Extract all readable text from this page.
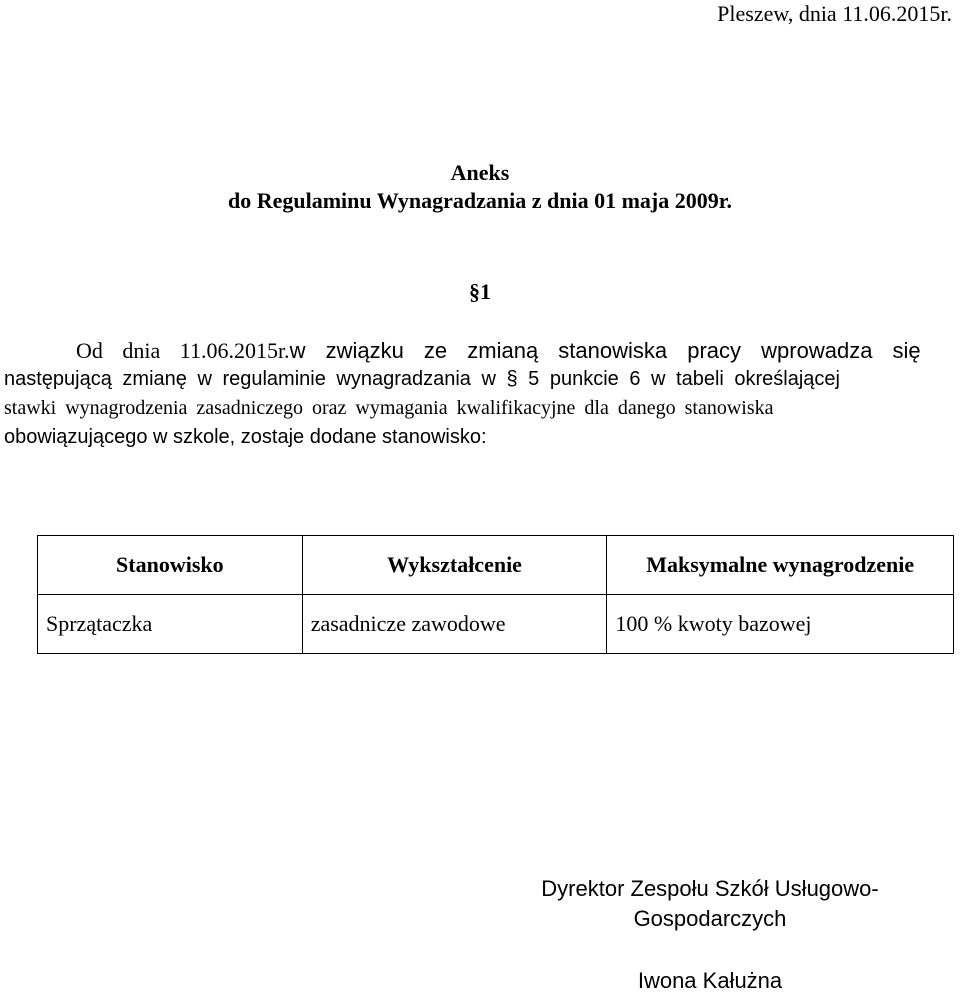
Pleszew, dnia 11.06.2015r.
Aneks
do Regulaminu Wynagradzania z dnia 01 maja 2009r.
§1
Od dnia 11.06.2015r.w związku ze zmianą stanowiska pracy wprowadza się
następującą zmianę w regulaminie wynagradzania w § 5 punkcie 6 w tabeli określającej
stawki wynagrodzenia zasadniczego oraz wymagania kwalifikacyjne dla danego stanowiska
obowiązującego w szkole, zostaje dodane stanowisko:
Stanowisko	Wykształcenie	Maksymalne wynagrodzenie
Sprzątaczka	zasadnicze zawodowe	100 % kwoty bazowej
Dyrektor Zespołu Szkół Usługowo-
Gospodarczych
Iwona Kałużna
